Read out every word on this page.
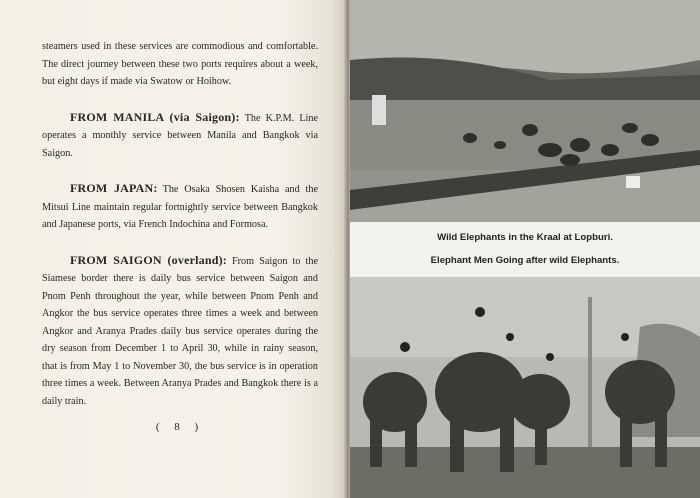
steamers used in these services are commodious and comfortable. The direct journey between these two ports requires about a week, but eight days if made via Swatow or Hoihow.
FROM MANILA (via Saigon): The K.P.M. Line operates a monthly service between Manila and Bangkok via Saigon.
FROM JAPAN: The Osaka Shosen Kaisha and the Mitsui Line maintain regular fortnightly service between Bangkok and Japanese ports, via French Indochina and Formosa.
FROM SAIGON (overland): From Saigon to the Siamese border there is daily bus service between Saigon and Pnom Penh throughout the year, while between Pnom Penh and Angkor the bus service operates three times a week and between Angkor and Aranya Prades daily bus service operates during the dry season from December 1 to April 30, while in rainy season, that is from May 1 to November 30, the bus service is in operation three times a week. Between Aranya Prades and Bangkok there is a daily train.
( 8 )
Wild Elephants in the Kraal at Lopburi.
Elephant Men Going after wild Elephants.
